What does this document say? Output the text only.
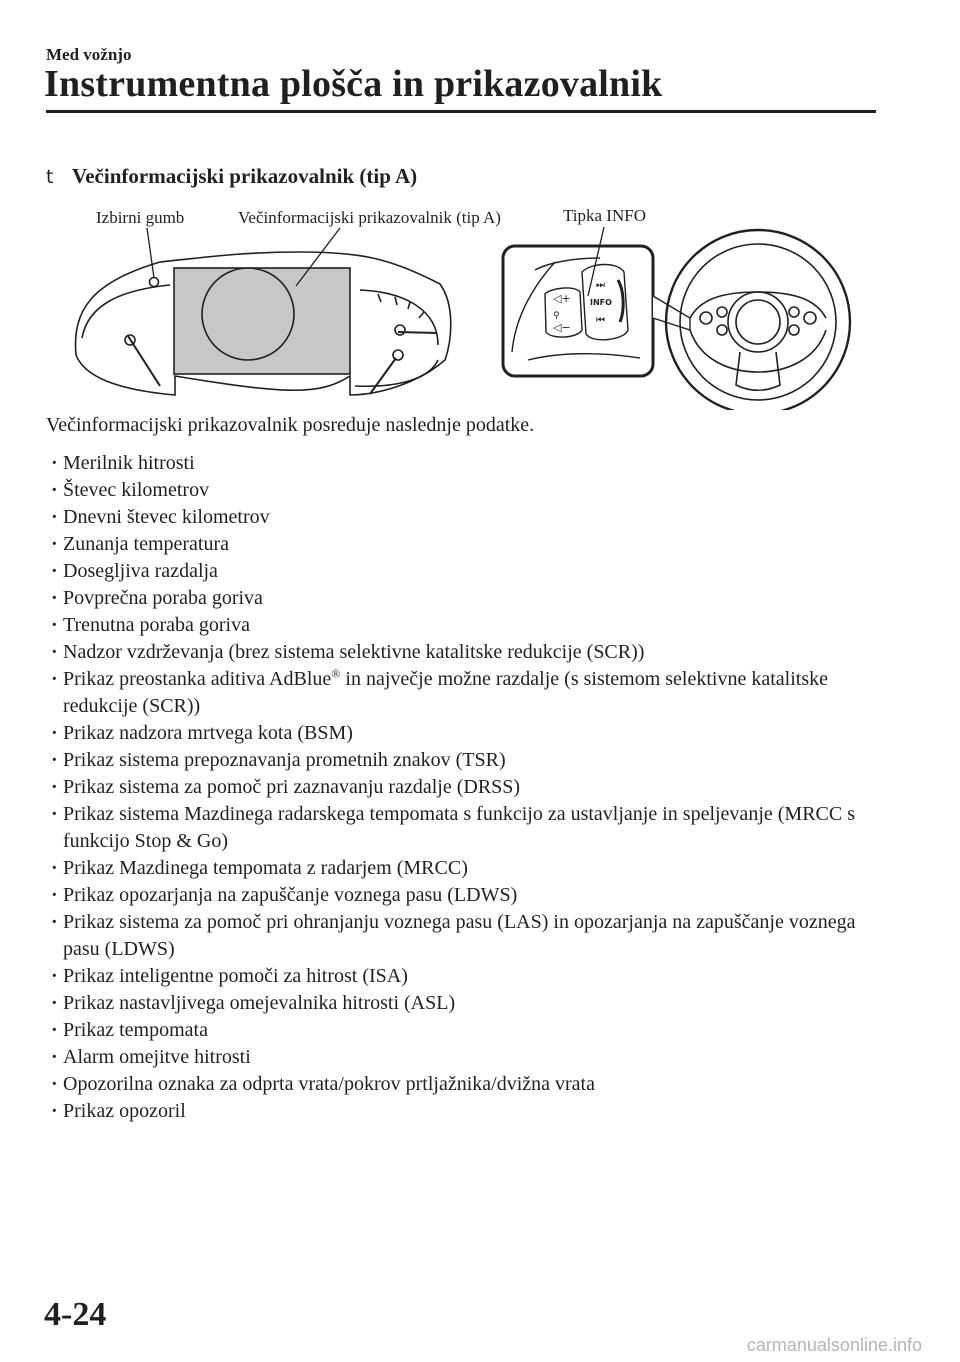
Med vožnjo
Instrumentna plošča in prikazovalnik
t Večinformacijski prikazovalnik (tip A)
◁+
⚲
◁−
⏭
INFO
⏮
Izbirni gumb	Večinformacijski prikazovalnik (tip A)	Tipka INFO
Večinformacijski prikazovalnik posreduje naslednje podatke.
· Merilnik hitrosti
· Števec kilometrov
· Dnevni števec kilometrov
· Zunanja temperatura
· Dosegljiva razdalja
· Povprečna poraba goriva
· Trenutna poraba goriva
· Nadzor vzdrževanja (brez sistema selektivne katalitske redukcije (SCR))
· Prikaz preostanka aditiva AdBlue® in največje možne razdalje (s sistemom selektivne katalitske redukcije (SCR))
· Prikaz nadzora mrtvega kota (BSM)
· Prikaz sistema prepoznavanja prometnih znakov (TSR)
· Prikaz sistema za pomoč pri zaznavanju razdalje (DRSS)
· Prikaz sistema Mazdinega radarskega tempomata s funkcijo za ustavljanje in speljevanje (MRCC s funkcijo Stop & Go)
· Prikaz Mazdinega tempomata z radarjem (MRCC)
· Prikaz opozarjanja na zapuščanje voznega pasu (LDWS)
· Prikaz sistema za pomoč pri ohranjanju voznega pasu (LAS) in opozarjanja na zapuščanje voznega pasu (LDWS)
· Prikaz inteligentne pomoči za hitrost (ISA)
· Prikaz nastavljivega omejevalnika hitrosti (ASL)
· Prikaz tempomata
· Alarm omejitve hitrosti
· Opozorilna oznaka za odprta vrata/pokrov prtljažnika/dvižna vrata
· Prikaz opozoril
4-24
carmanualsonline.info
